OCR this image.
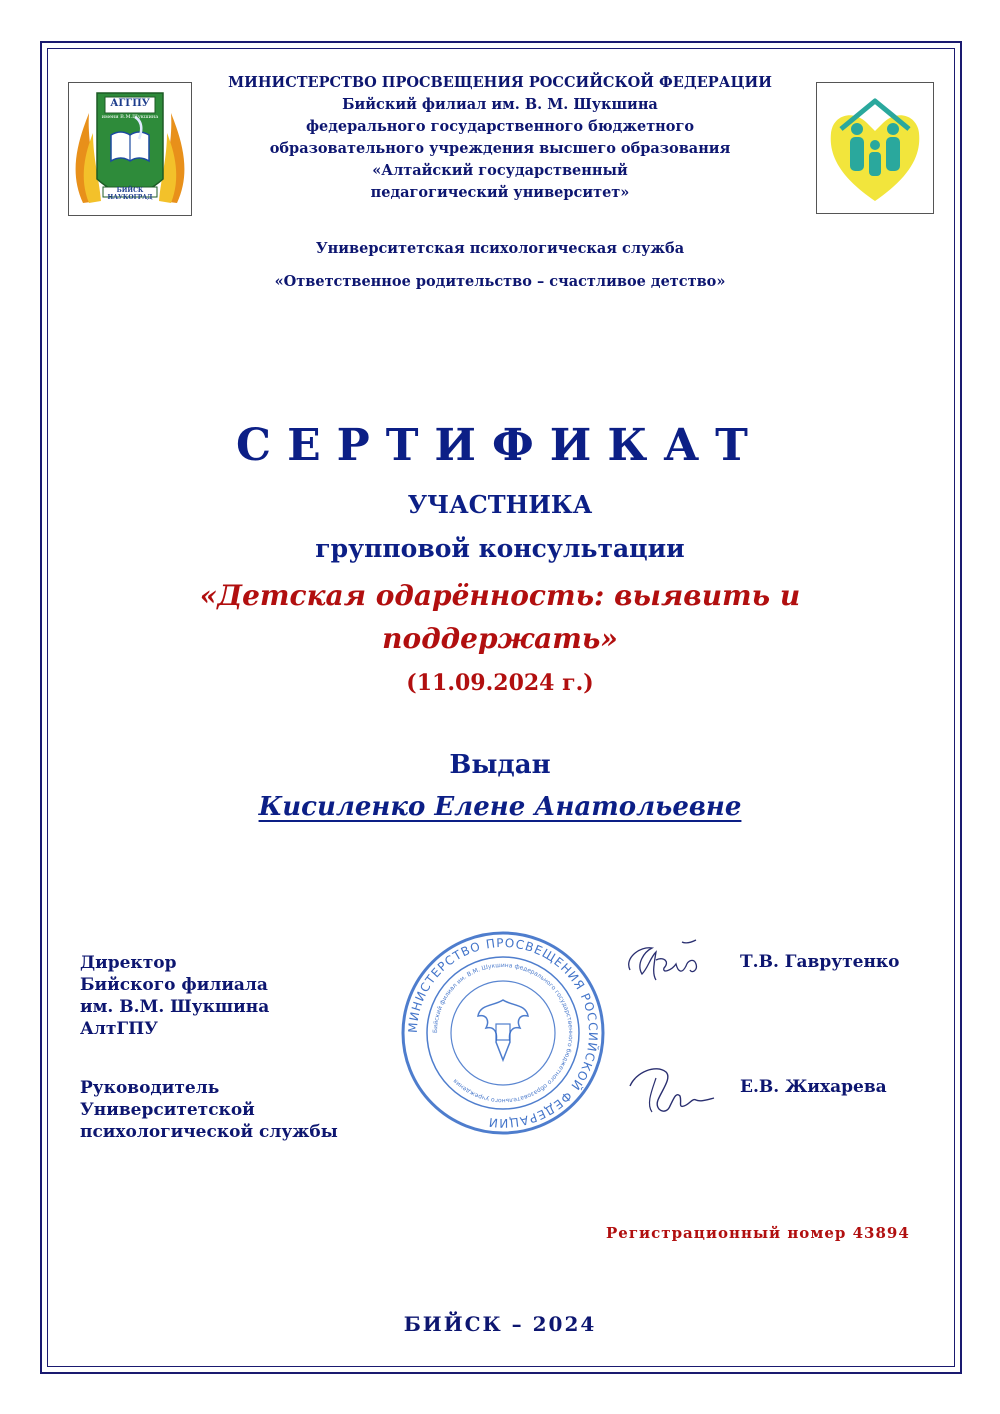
АГГПУ
имени В.М.Шукшина
БИЙСК НАУКОГРАД
МИНИСТЕРСТВО ПРОСВЕЩЕНИЯ РОССИЙСКОЙ ФЕДЕРАЦИИ
Бийский филиал им. В. М. Шукшина
федерального государственного бюджетного
образовательного учреждения высшего образования
«Алтайский государственный
педагогический университет»
Университетская психологическая служба
«Ответственное родительство – счастливое детство»
СЕРТИФИКАТ
УЧАСТНИКА
групповой консультации
«Детская одарённость: выявить и
поддержать»
(11.09.2024 г.)
Выдан
Кисиленко Елене Анатольевне
Директор
Бийского филиала
им. В.М. Шукшина
АлтГПУ
Руководитель
Университетской
психологической службы
МИНИСТЕРСТВО ПРОСВЕЩЕНИЯ РОССИЙСКОЙ ФЕДЕРАЦИИ
Бийский филиал им. В.М. Шукшина федерального государственного бюджетного образовательного учреждения
Т.В. Гаврутенко
Е.В. Жихарева
Регистрационный номер 43894
БИЙСК – 2024
